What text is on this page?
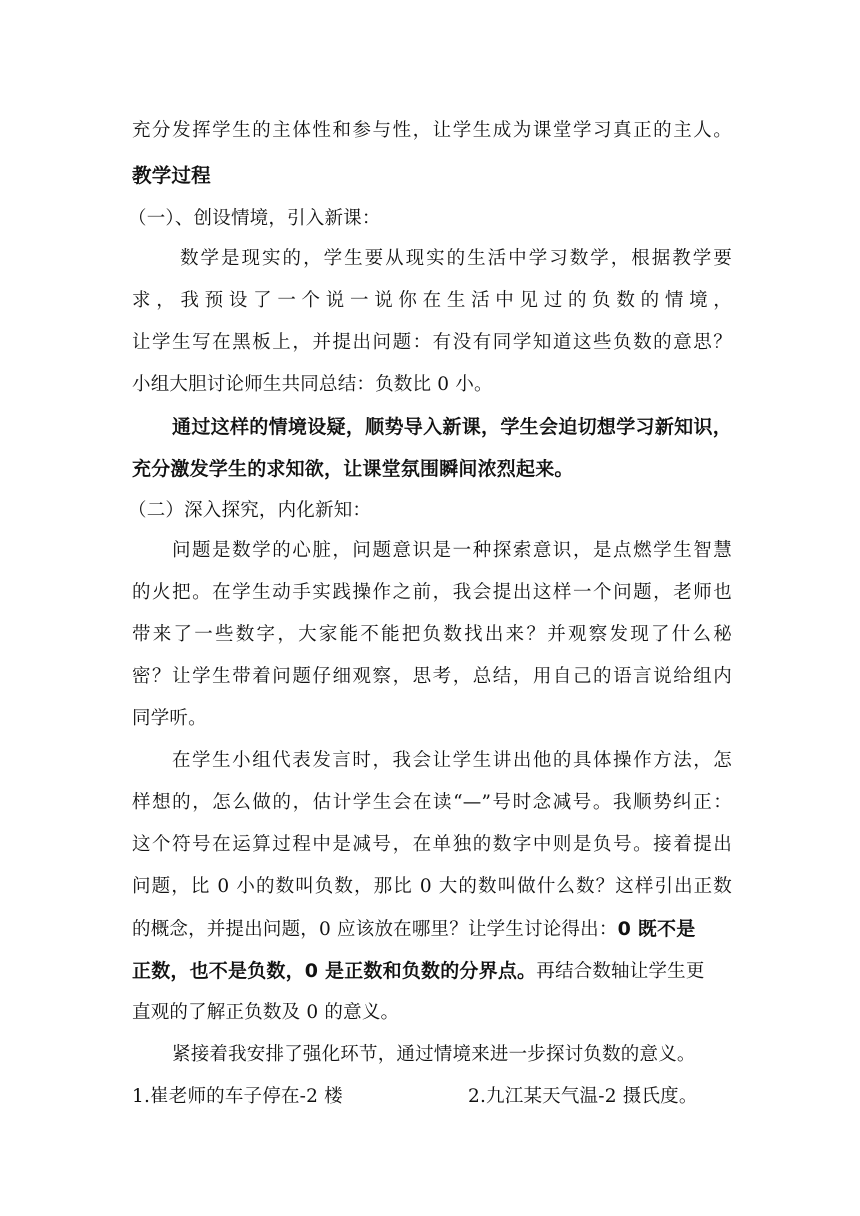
充分发挥学生的主体性和参与性，让学生成为课堂学习真正的主人。
教学过程
（一）、创设情境，引入新课：
数学是现实的，学生要从现实的生活中学习数学，根据教学要
求，我预设了一个说一说你在生活中见过的负数的情境，
让学生写在黑板上，并提出问题：有没有同学知道这些负数的意思？
小组大胆讨论师生共同总结：负数比 0 小。
通过这样的情境设疑，顺势导入新课，学生会迫切想学习新知识，
充分激发学生的求知欲，让课堂氛围瞬间浓烈起来。
（二）深入探究，内化新知：
问题是数学的心脏，问题意识是一种探索意识，是点燃学生智慧
的火把。在学生动手实践操作之前，我会提出这样一个问题，老师也
带来了一些数字，大家能不能把负数找出来？并观察发现了什么秘
密？让学生带着问题仔细观察，思考，总结，用自己的语言说给组内
同学听。
在学生小组代表发言时，我会让学生讲出他的具体操作方法，怎
样想的，怎么做的，估计学生会在读“—”号时念减号。我顺势纠正：
这个符号在运算过程中是减号，在单独的数字中则是负号。接着提出
问题，比 0 小的数叫负数，那比 0 大的数叫做什么数？这样引出正数
的概念，并提出问题，0 应该放在哪里？让学生讨论得出：0 既不是
正数，也不是负数，0 是正数和负数的分界点。再结合数轴让学生更
直观的了解正负数及 0 的意义。
紧接着我安排了强化环节，通过情境来进一步探讨负数的意义。
1.崔老师的车子停在-2 楼	2.九江某天气温-2 摄氏度。
